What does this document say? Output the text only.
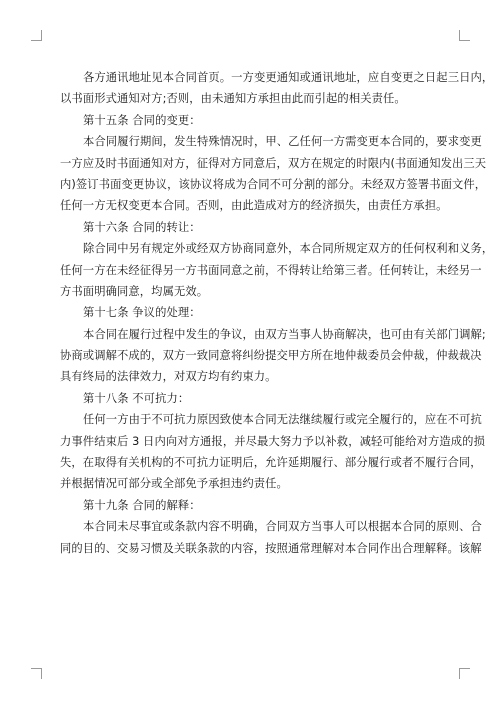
各方通讯地址见本合同首页。一方变更通知或通讯地址，应自变更之日起三日内，
以书面形式通知对方;否则，由未通知方承担由此而引起的相关责任。
第十五条 合同的变更：
本合同履行期间，发生特殊情况时，甲、乙任何一方需变更本合同的，要求变更
一方应及时书面通知对方，征得对方同意后，双方在规定的时限内(书面通知发出三天
内)签订书面变更协议，该协议将成为合同不可分割的部分。未经双方签署书面文件，
任何一方无权变更本合同。否则，由此造成对方的经济损失，由责任方承担。
第十六条 合同的转让：
除合同中另有规定外或经双方协商同意外，本合同所规定双方的任何权利和义务，
任何一方在未经征得另一方书面同意之前，不得转让给第三者。任何转让，未经另一
方书面明确同意，均属无效。
第十七条 争议的处理：
本合同在履行过程中发生的争议，由双方当事人协商解决，也可由有关部门调解;
协商或调解不成的，双方一致同意将纠纷提交甲方所在地仲裁委员会仲裁，仲裁裁决
具有终局的法律效力，对双方均有约束力。
第十八条 不可抗力：
任何一方由于不可抗力原因致使本合同无法继续履行或完全履行的，应在不可抗
力事件结束后 3 日内向对方通报，并尽最大努力予以补救，减轻可能给对方造成的损
失，在取得有关机构的不可抗力证明后，允许延期履行、部分履行或者不履行合同，
并根据情况可部分或全部免予承担违约责任。
第十九条 合同的解释：
本合同未尽事宜或条款内容不明确，合同双方当事人可以根据本合同的原则、合
同的目的、交易习惯及关联条款的内容，按照通常理解对本合同作出合理解释。该解
